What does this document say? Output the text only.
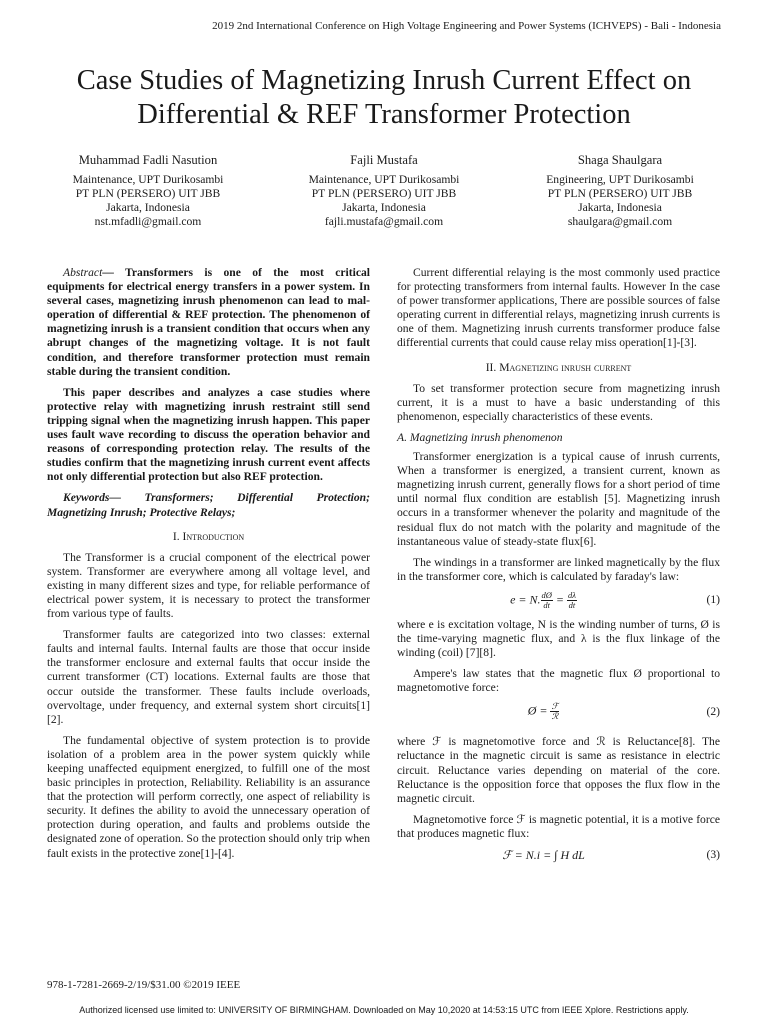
2019 2nd International Conference on High Voltage Engineering and Power Systems (ICHVEPS) - Bali - Indonesia
Case Studies of Magnetizing Inrush Current Effect on Differential & REF Transformer Protection
Muhammad Fadli Nasution
Maintenance, UPT Durikosambi
PT PLN (PERSERO) UIT JBB
Jakarta, Indonesia
nst.mfadli@gmail.com
Fajli Mustafa
Maintenance, UPT Durikosambi
PT PLN (PERSERO) UIT JBB
Jakarta, Indonesia
fajli.mustafa@gmail.com
Shaga Shaulgara
Engineering, UPT Durikosambi
PT PLN (PERSERO) UIT JBB
Jakarta, Indonesia
shaulgara@gmail.com

Abstract— Transformers is one of the most critical equipments for electrical energy transfers in a power system. In several cases, magnetizing inrush phenomenon can lead to mal-operation of differential & REF protection. The phenomenon of magnetizing inrush is a transient condition that occurs when any abrupt changes of the magnetizing voltage. It is not fault condition, and therefore transformer protection must remain stable during the transient condition.

This paper describes and analyzes a case studies where protective relay with magnetizing inrush restraint still send tripping signal when the magnetizing inrush happen. This paper uses fault wave recording to discuss the operation behavior and reasons of corresponding protection relay. The results of the studies confirm that the magnetizing inrush current event affects not only differential protection but also REF protection.

Keywords— Transformers; Differential Protection; Magnetizing Inrush; Protective Relays;

I. Introduction

The Transformer is a crucial component of the electrical power system. Transformer are everywhere among all voltage level, and existing in many different sizes and type, for reliable performance of electrical power system, it is necessary to protect the transformer from various type of faults.

Transformer faults are categorized into two classes: external faults and internal faults. Internal faults are those that occur inside the transformer enclosure and external faults that occur inside the current transformer (CT) locations. External faults are those that occur outside the transformer. These faults include overloads, overvoltage, under frequency, and external system short circuits[1][2].

The fundamental objective of system protection is to provide isolation of a problem area in the power system quickly while keeping unaffected equipment energized, to fulfill one of the most basic principles in protection, Reliability. Reliability is an assurance that the protection will perform correctly, one aspect of reliability is security. It defines the ability to avoid the unnecessary operation of protection during operation, and faults and problems outside the designated zone of operation. So the protection should only trip when fault exists in the protective zone[1]-[4].

Current differential relaying is the most commonly used practice for protecting transformers from internal faults. However In the case of power transformer applications, There are possible sources of false operating current in differential relays, magnetizing inrush currents is one of them. Magnetizing inrush currents transformer produce false differential currents that could cause relay miss operation[1]-[3].

II. Magnetizing inrush current

To set transformer protection secure from magnetizing inrush current, it is a must to have a basic understanding of this phenomenon, especially characteristics of these events.

A. Magnetizing inrush phenomenon

Transformer energization is a typical cause of inrush currents, When a transformer is energized, a transient current, known as magnetizing inrush current, generally flows for a short period of time until normal flux condition are establish [5]. Magnetizing inrush occurs in a transformer whenever the polarity and magnitude of the residual flux do not match with the polarity and magnitude of the instantaneous value of steady-state flux[6].

The windings in a transformer are linked magnetically by the flux in the transformer core, which is calculated by faraday's law:

e = N. $\frac{dØ}{dt} = \frac{d\lambda}{dt}$	(1)

where e is excitation voltage, N is the winding number of turns, Ø is the time-varying magnetic flux, and λ is the flux linkage of the winding (coil) [7][8].

Ampere's law states that the magnetic flux Ø proportional to magnetomotive force:

Ø = $\frac{\text{ℱ}}{\text{ℛ}}$	(2)

where ℱ is magnetomotive force and ℛ is Reluctance[8]. The reluctance in the magnetic circuit is same as resistance in electric circuit. Reluctance varies depending on material of the core. Reluctance is the opposition force that opposes the flux flow in the magnetic circuit.

Magnetomotive force ℱ is magnetic potential, it is a motive force that produces magnetic flux:

ℱ = N.i = ∫ H dL	(3)
978-1-7281-2669-2/19/$31.00 ©2019 IEEE
Authorized licensed use limited to: UNIVERSITY OF BIRMINGHAM. Downloaded on May 10,2020 at 14:53:15 UTC from IEEE Xplore. Restrictions apply.
